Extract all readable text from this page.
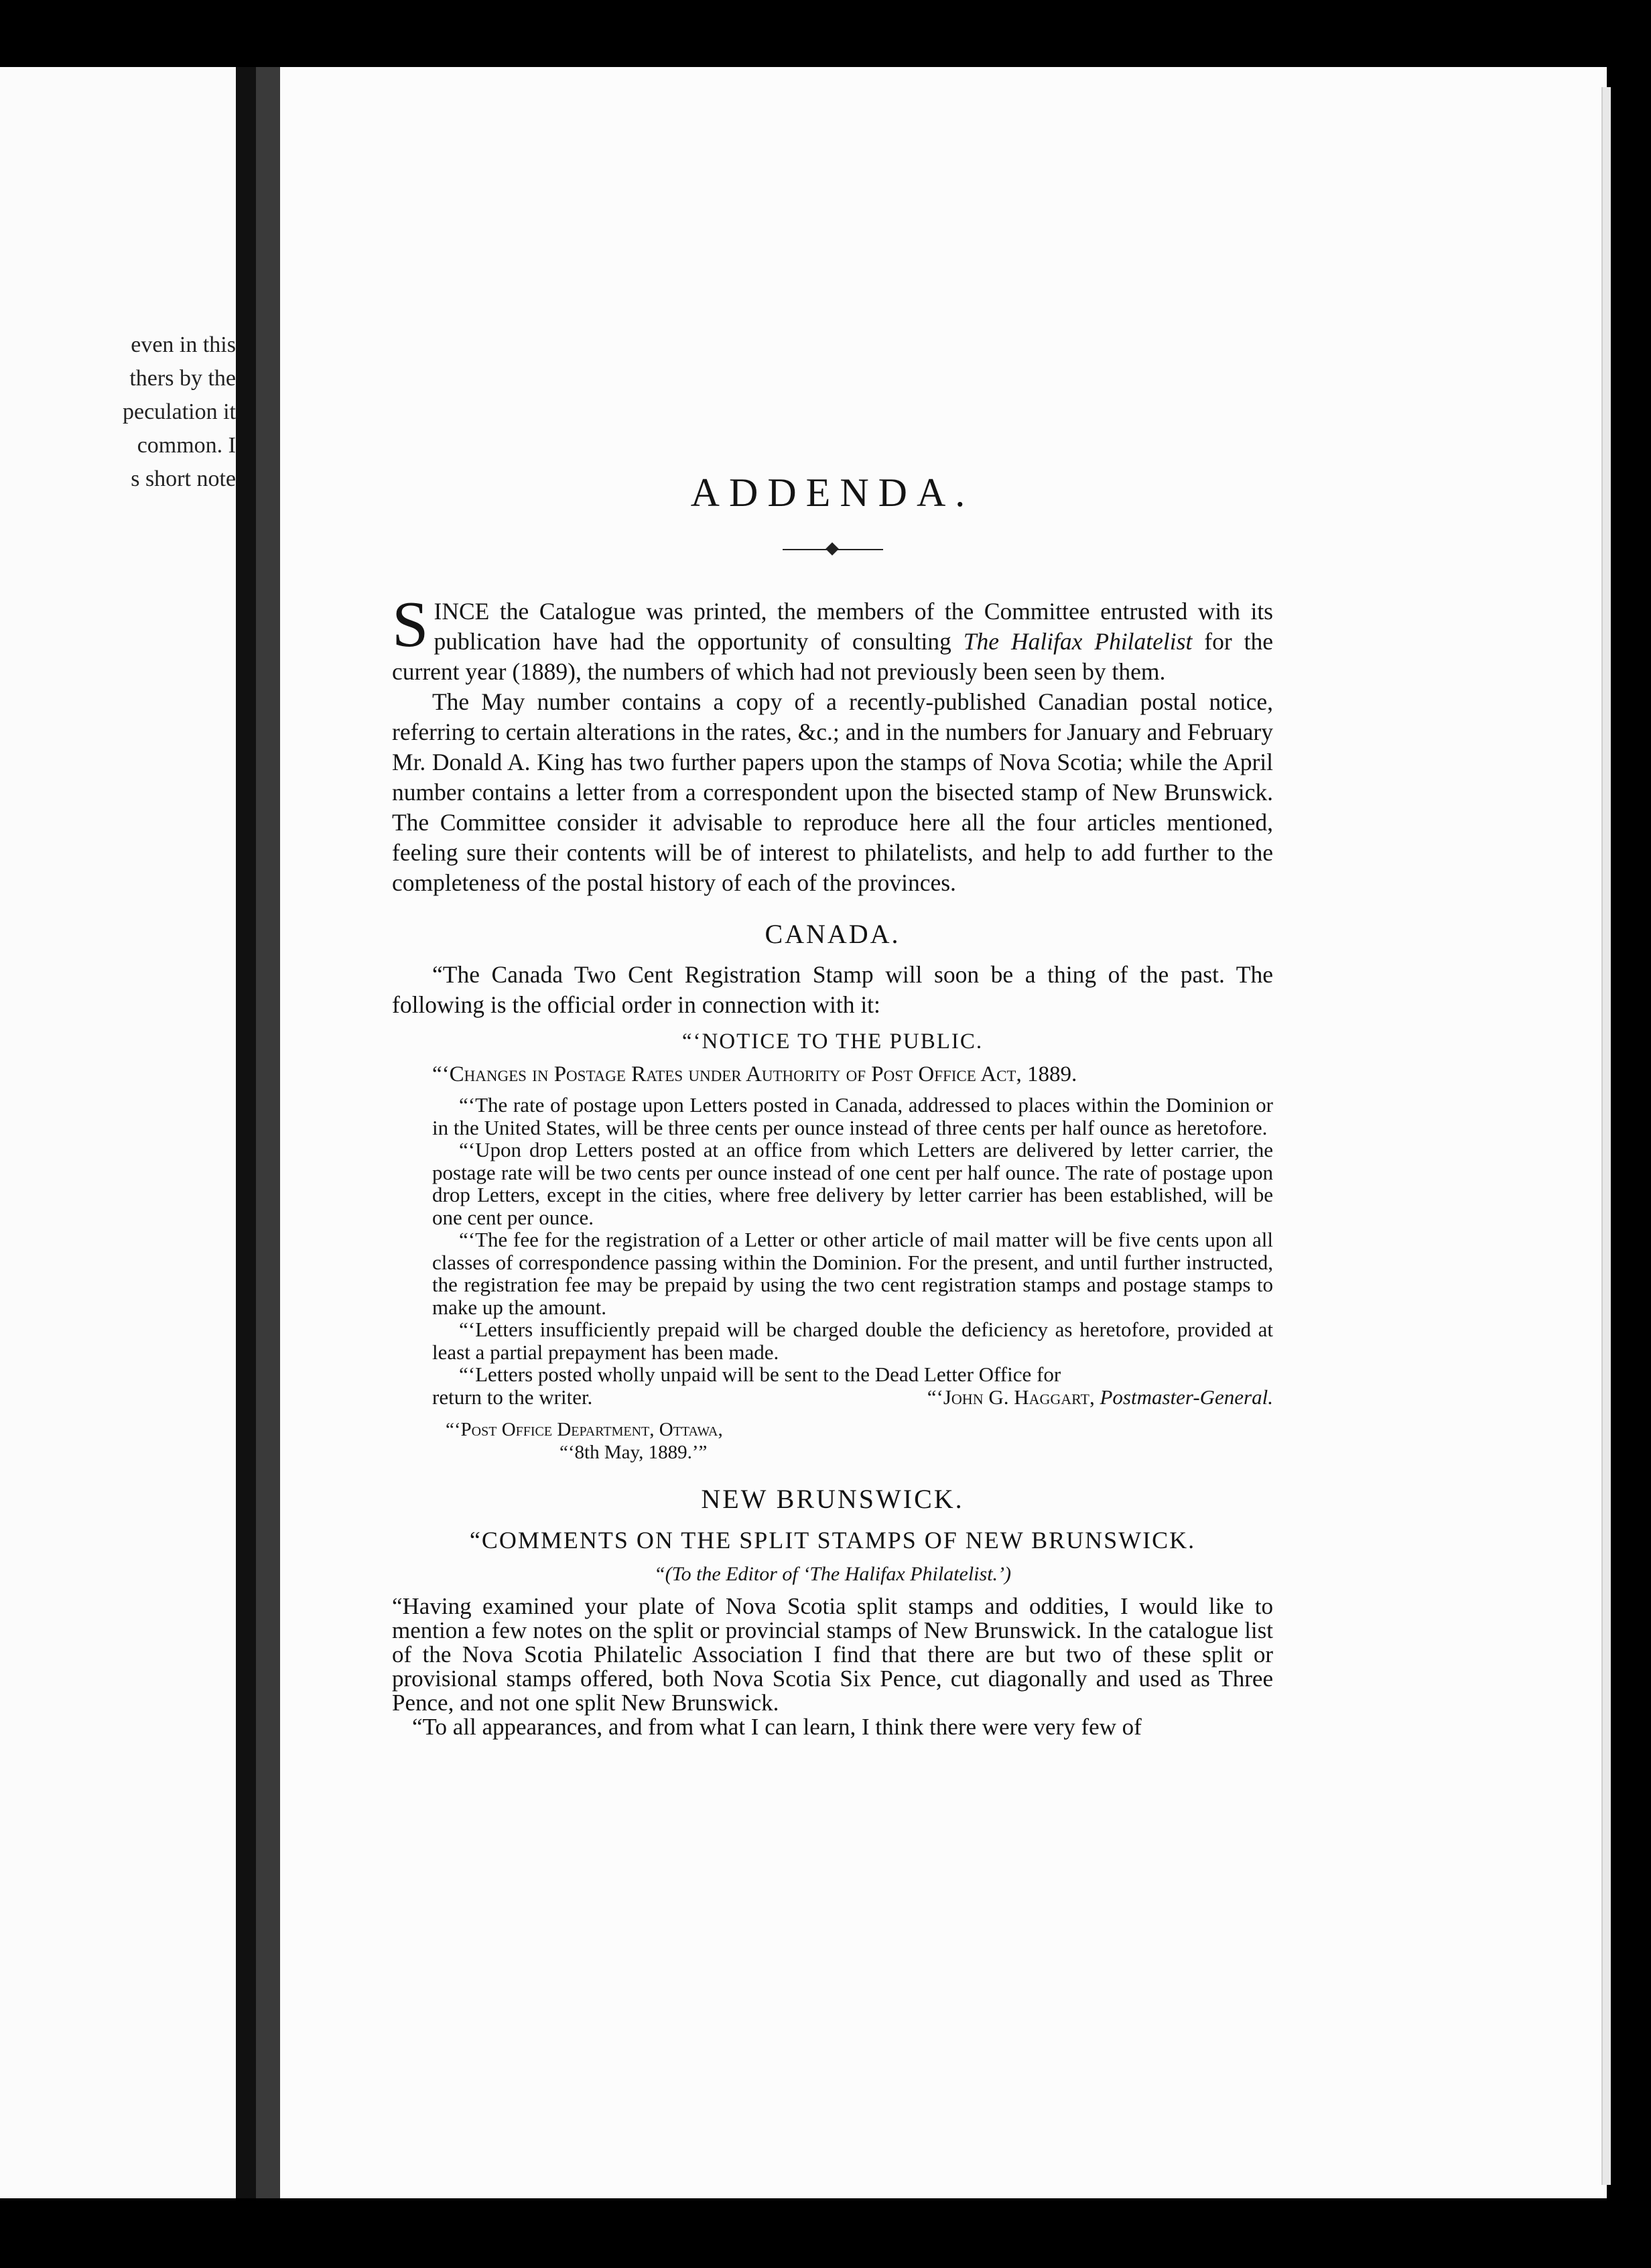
even in this
thers by the
peculation it
common. I
s short note	ADDENDA.

SINCE the Catalogue was printed, the members of the Committee entrusted with its publication have had the opportunity of consulting The Halifax Philatelist for the current year (1889), the numbers of which had not previously been seen by them.

The May number contains a copy of a recently-published Canadian postal notice, referring to certain alterations in the rates, &c.; and in the numbers for January and February Mr. Donald A. King has two further papers upon the stamps of Nova Scotia; while the April number contains a letter from a correspondent upon the bisected stamp of New Brunswick. The Committee consider it advisable to reproduce here all the four articles mentioned, feeling sure their contents will be of interest to philatelists, and help to add further to the completeness of the postal history of each of the provinces.

CANADA.

“The Canada Two Cent Registration Stamp will soon be a thing of the past. The following is the official order in connection with it:

“‘NOTICE TO THE PUBLIC.
“‘Changes in Postage Rates under Authority of Post Office Act, 1889.

“‘The rate of postage upon Letters posted in Canada, addressed to places within the Dominion or in the United States, will be three cents per ounce instead of three cents per half ounce as heretofore.

“‘Upon drop Letters posted at an office from which Letters are delivered by letter carrier, the postage rate will be two cents per ounce instead of one cent per half ounce. The rate of postage upon drop Letters, except in the cities, where free delivery by letter carrier has been established, will be one cent per ounce.

“‘The fee for the registration of a Letter or other article of mail matter will be five cents upon all classes of correspondence passing within the Dominion. For the present, and until further instructed, the registration fee may be prepaid by using the two cent registration stamps and postage stamps to make up the amount.

“‘Letters insufficiently prepaid will be charged double the deficiency as heretofore, provided at least a partial prepayment has been made.

“‘Letters posted wholly unpaid will be sent to the Dead Letter Office for

return to the writer.	“‘John G. Haggart, Postmaster-General.
“‘Post Office Department, Ottawa,
“‘8th May, 1889.’”
NEW BRUNSWICK.
“COMMENTS ON THE SPLIT STAMPS OF NEW BRUNSWICK.
“(To the Editor of ‘The Halifax Philatelist.’)

“Having examined your plate of Nova Scotia split stamps and oddities, I would like to mention a few notes on the split or provincial stamps of New Brunswick. In the catalogue list of the Nova Scotia Philatelic Association I find that there are but two of these split or provisional stamps offered, both Nova Scotia Six Pence, cut diagonally and used as Three Pence, and not one split New Brunswick.

“To all appearances, and from what I can learn, I think there were very few of
